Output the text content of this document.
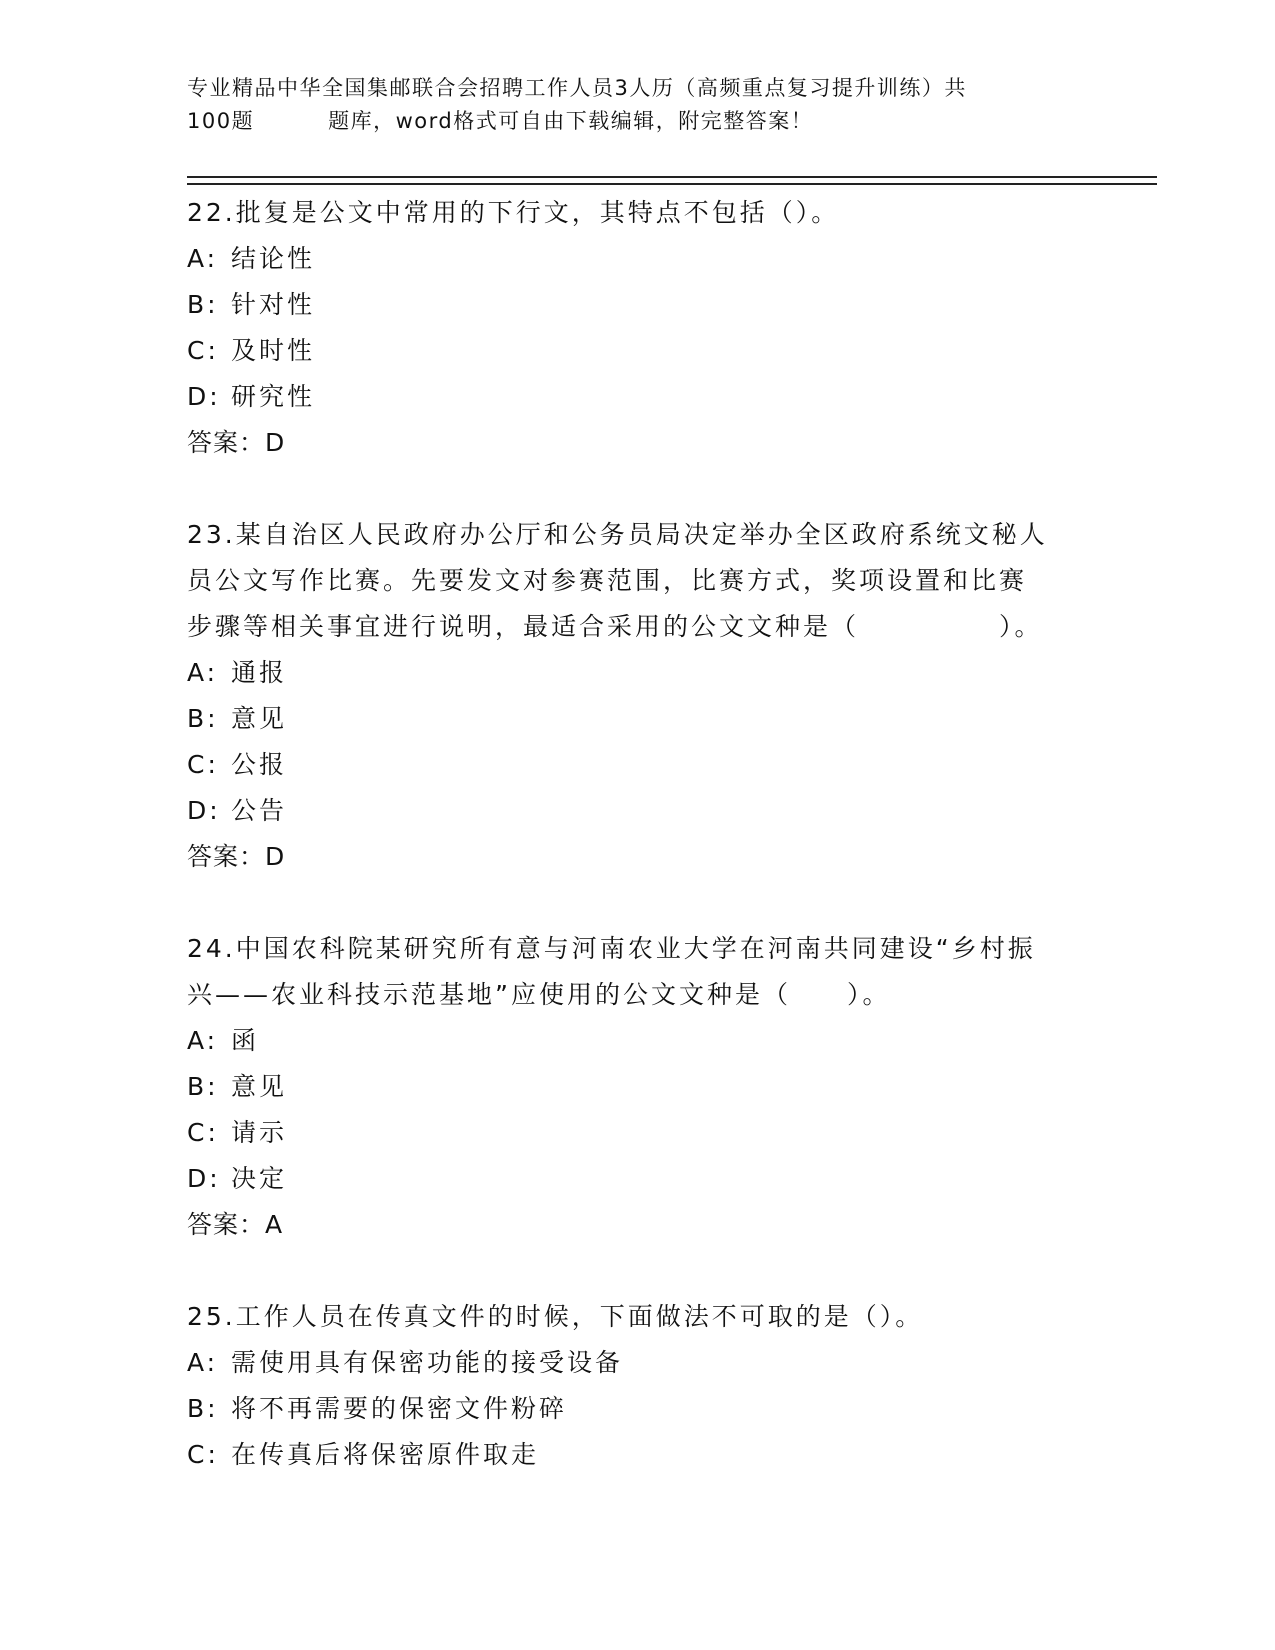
专业精品中华全国集邮联合会招聘工作人员3人历（高频重点复习提升训练）共
100题	题库，word格式可自由下载编辑，附完整答案！
22.批复是公文中常用的下行文，其特点不包括（）。
A: 结论性
B: 针对性
C: 及时性
D: 研究性
答案：D
23.某自治区人民政府办公厅和公务员局决定举办全区政府系统文秘人
员公文写作比赛。先要发文对参赛范围，比赛方式，奖项设置和比赛
步骤等相关事宜进行说明，最适合采用的公文文种是（　　　　　）。
A: 通报
B: 意见
C: 公报
D: 公告
答案：D
24.中国农科院某研究所有意与河南农业大学在河南共同建设“乡村振
兴——农业科技示范基地”应使用的公文文种是（　　）。
A: 函
B: 意见
C: 请示
D: 决定
答案：A
25.工作人员在传真文件的时候，下面做法不可取的是（）。
A: 需使用具有保密功能的接受设备
B: 将不再需要的保密文件粉碎
C: 在传真后将保密原件取走
